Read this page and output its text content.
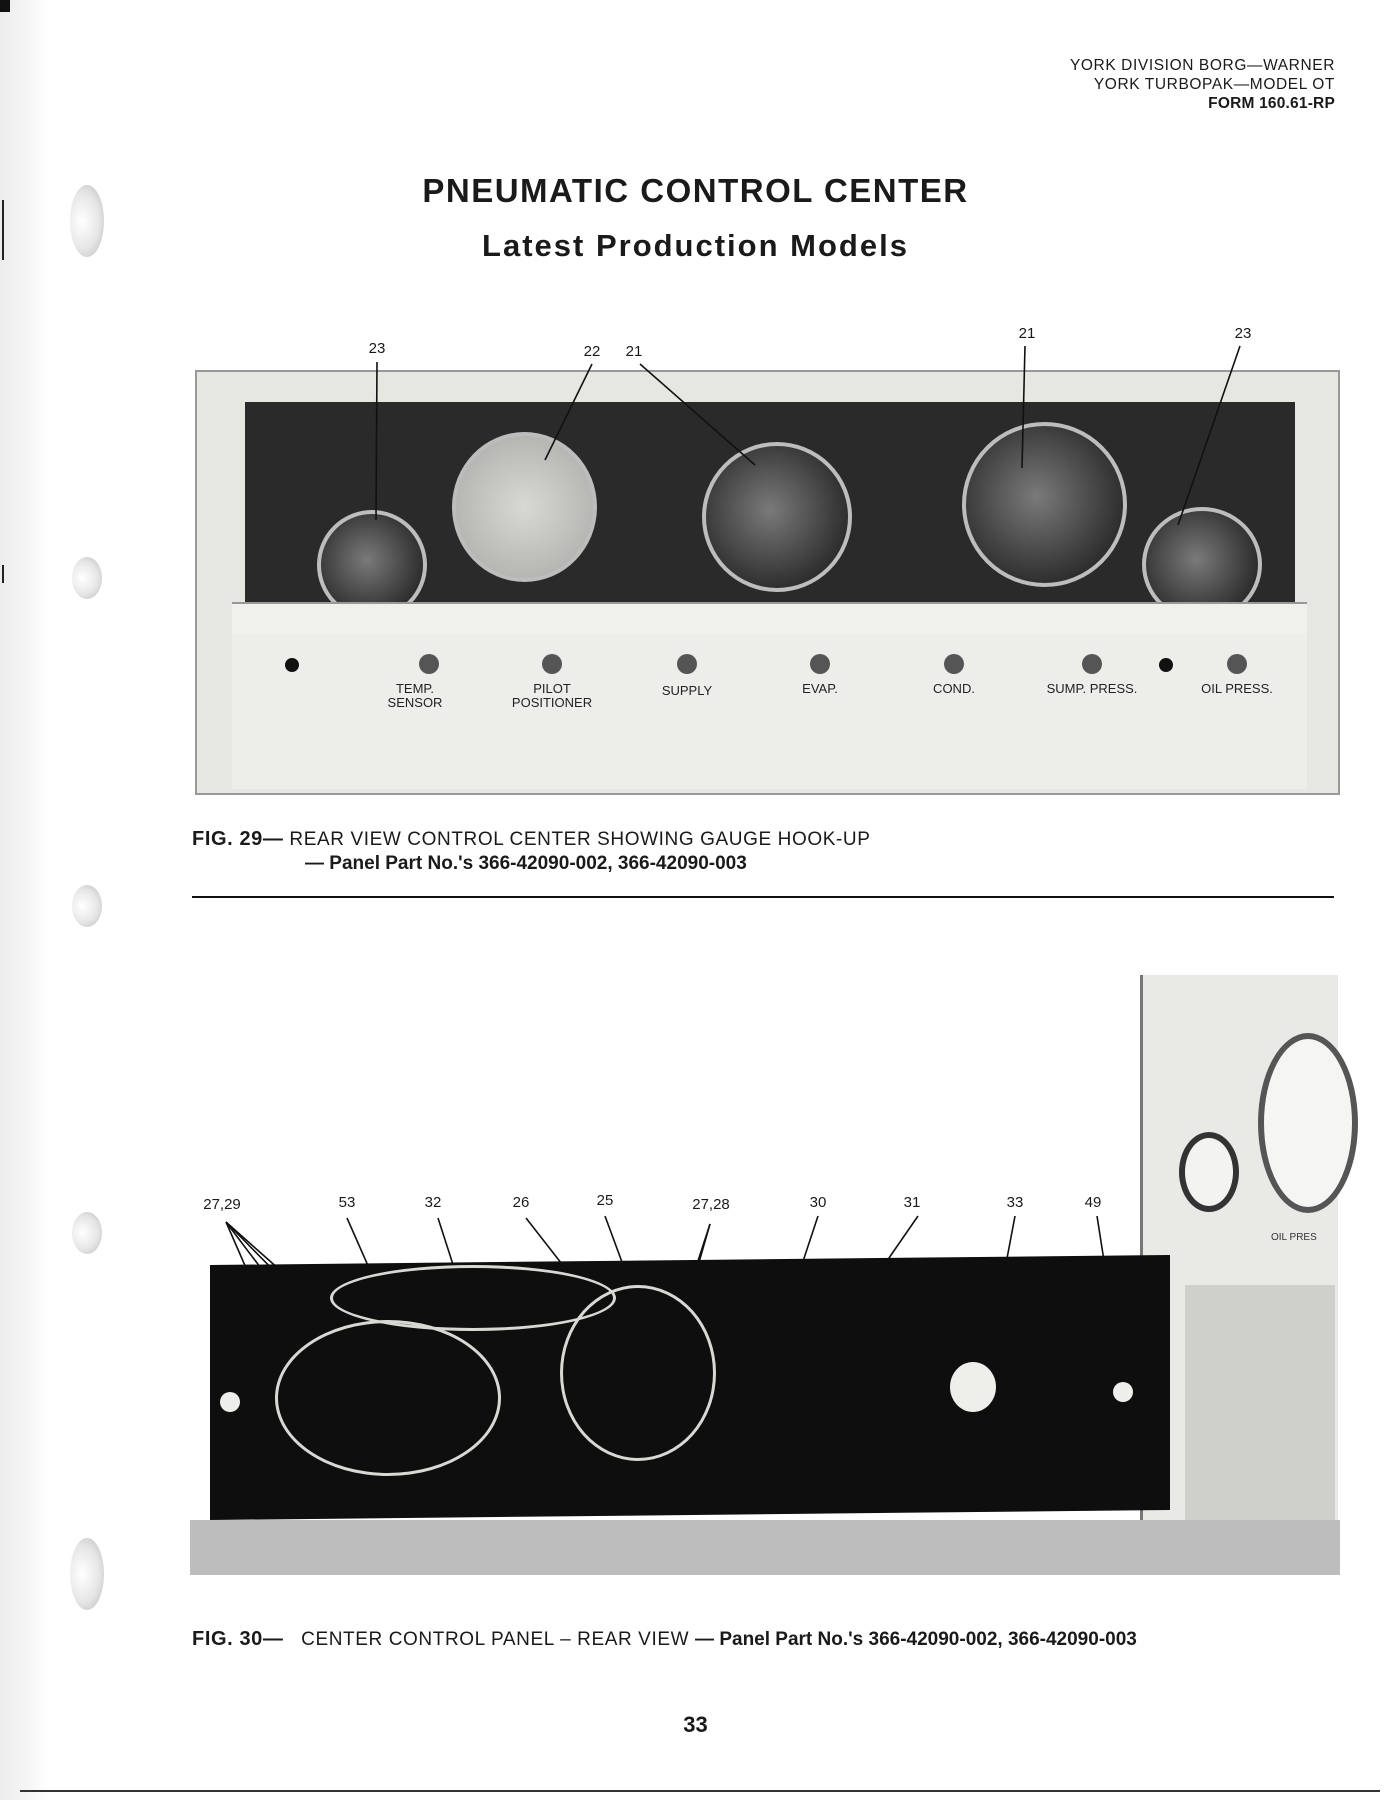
YORK DIVISION BORG—WARNER
YORK TURBOPAK—MODEL OT
FORM 160.61-RP
PNEUMATIC CONTROL CENTER
Latest Production Models
TEMP.
SENSOR
PILOT
POSITIONER
SUPPLY	EVAP.	COND.	SUMP. PRESS.	OIL PRESS.
23	22 21
21	23
FIG. 29— REAR VIEW CONTROL CENTER SHOWING GAUGE HOOK-UP
— Panel Part No.'s 366-42090-002, 366-42090-003
OIL PRES
27,29	53	32	26	25	27,28	30	31	33	49
FIG. 30— CENTER CONTROL PANEL – REAR VIEW — Panel Part No.'s 366-42090-002, 366-42090-003
33
